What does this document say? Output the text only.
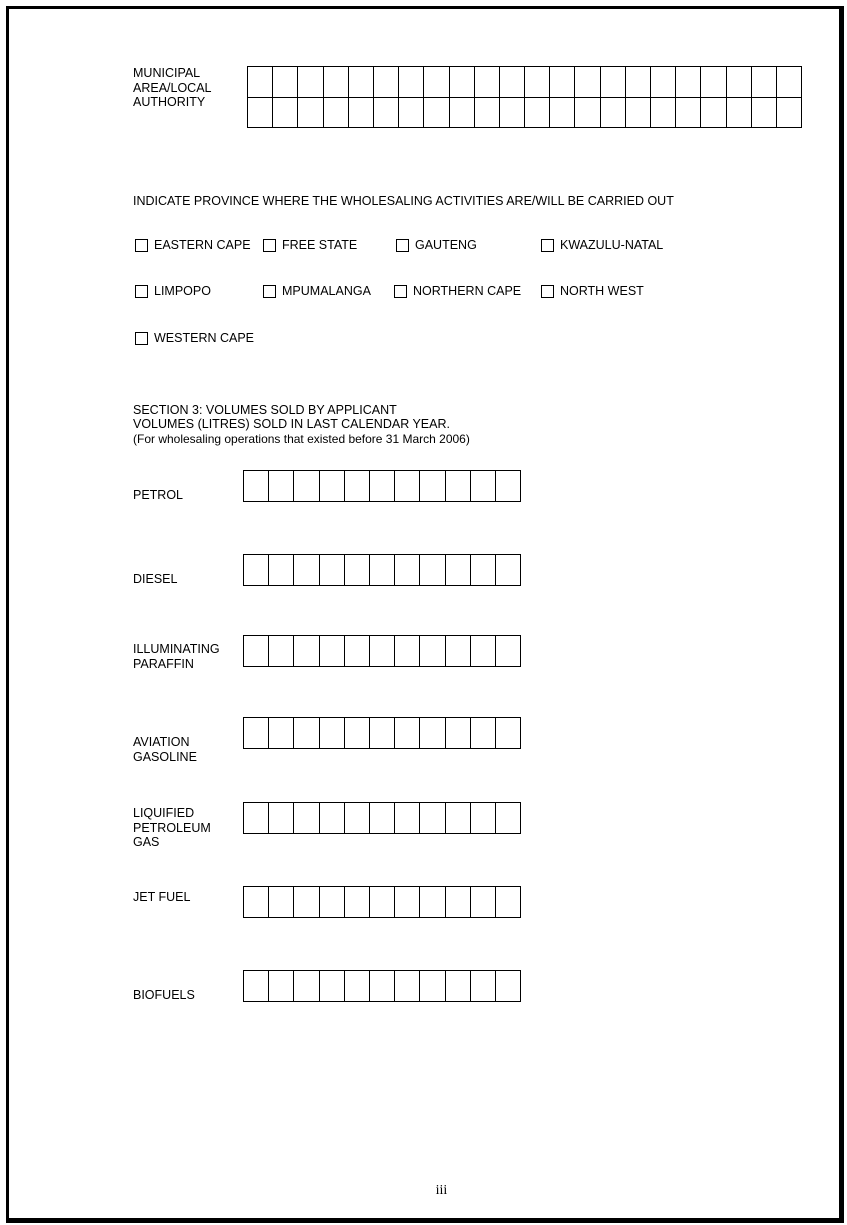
MUNICIPAL
AREA/LOCAL
AUTHORITY
INDICATE PROVINCE WHERE THE WHOLESALING ACTIVITIES ARE/WILL BE CARRIED OUT
EASTERN CAPE	FREE STATE	GAUTENG	KWAZULU-NATAL
LIMPOPO	MPUMALANGA	NORTHERN CAPE	NORTH WEST
WESTERN CAPE
SECTION 3: VOLUMES SOLD BY APPLICANT
VOLUMES (LITRES) SOLD IN LAST CALENDAR YEAR.
(For wholesaling operations that existed before 31 March 2006)
PETROL
DIESEL
ILLUMINATING
PARAFFIN
AVIATION
GASOLINE
LIQUIFIED
PETROLEUM
GAS
JET FUEL
BIOFUELS
iii
